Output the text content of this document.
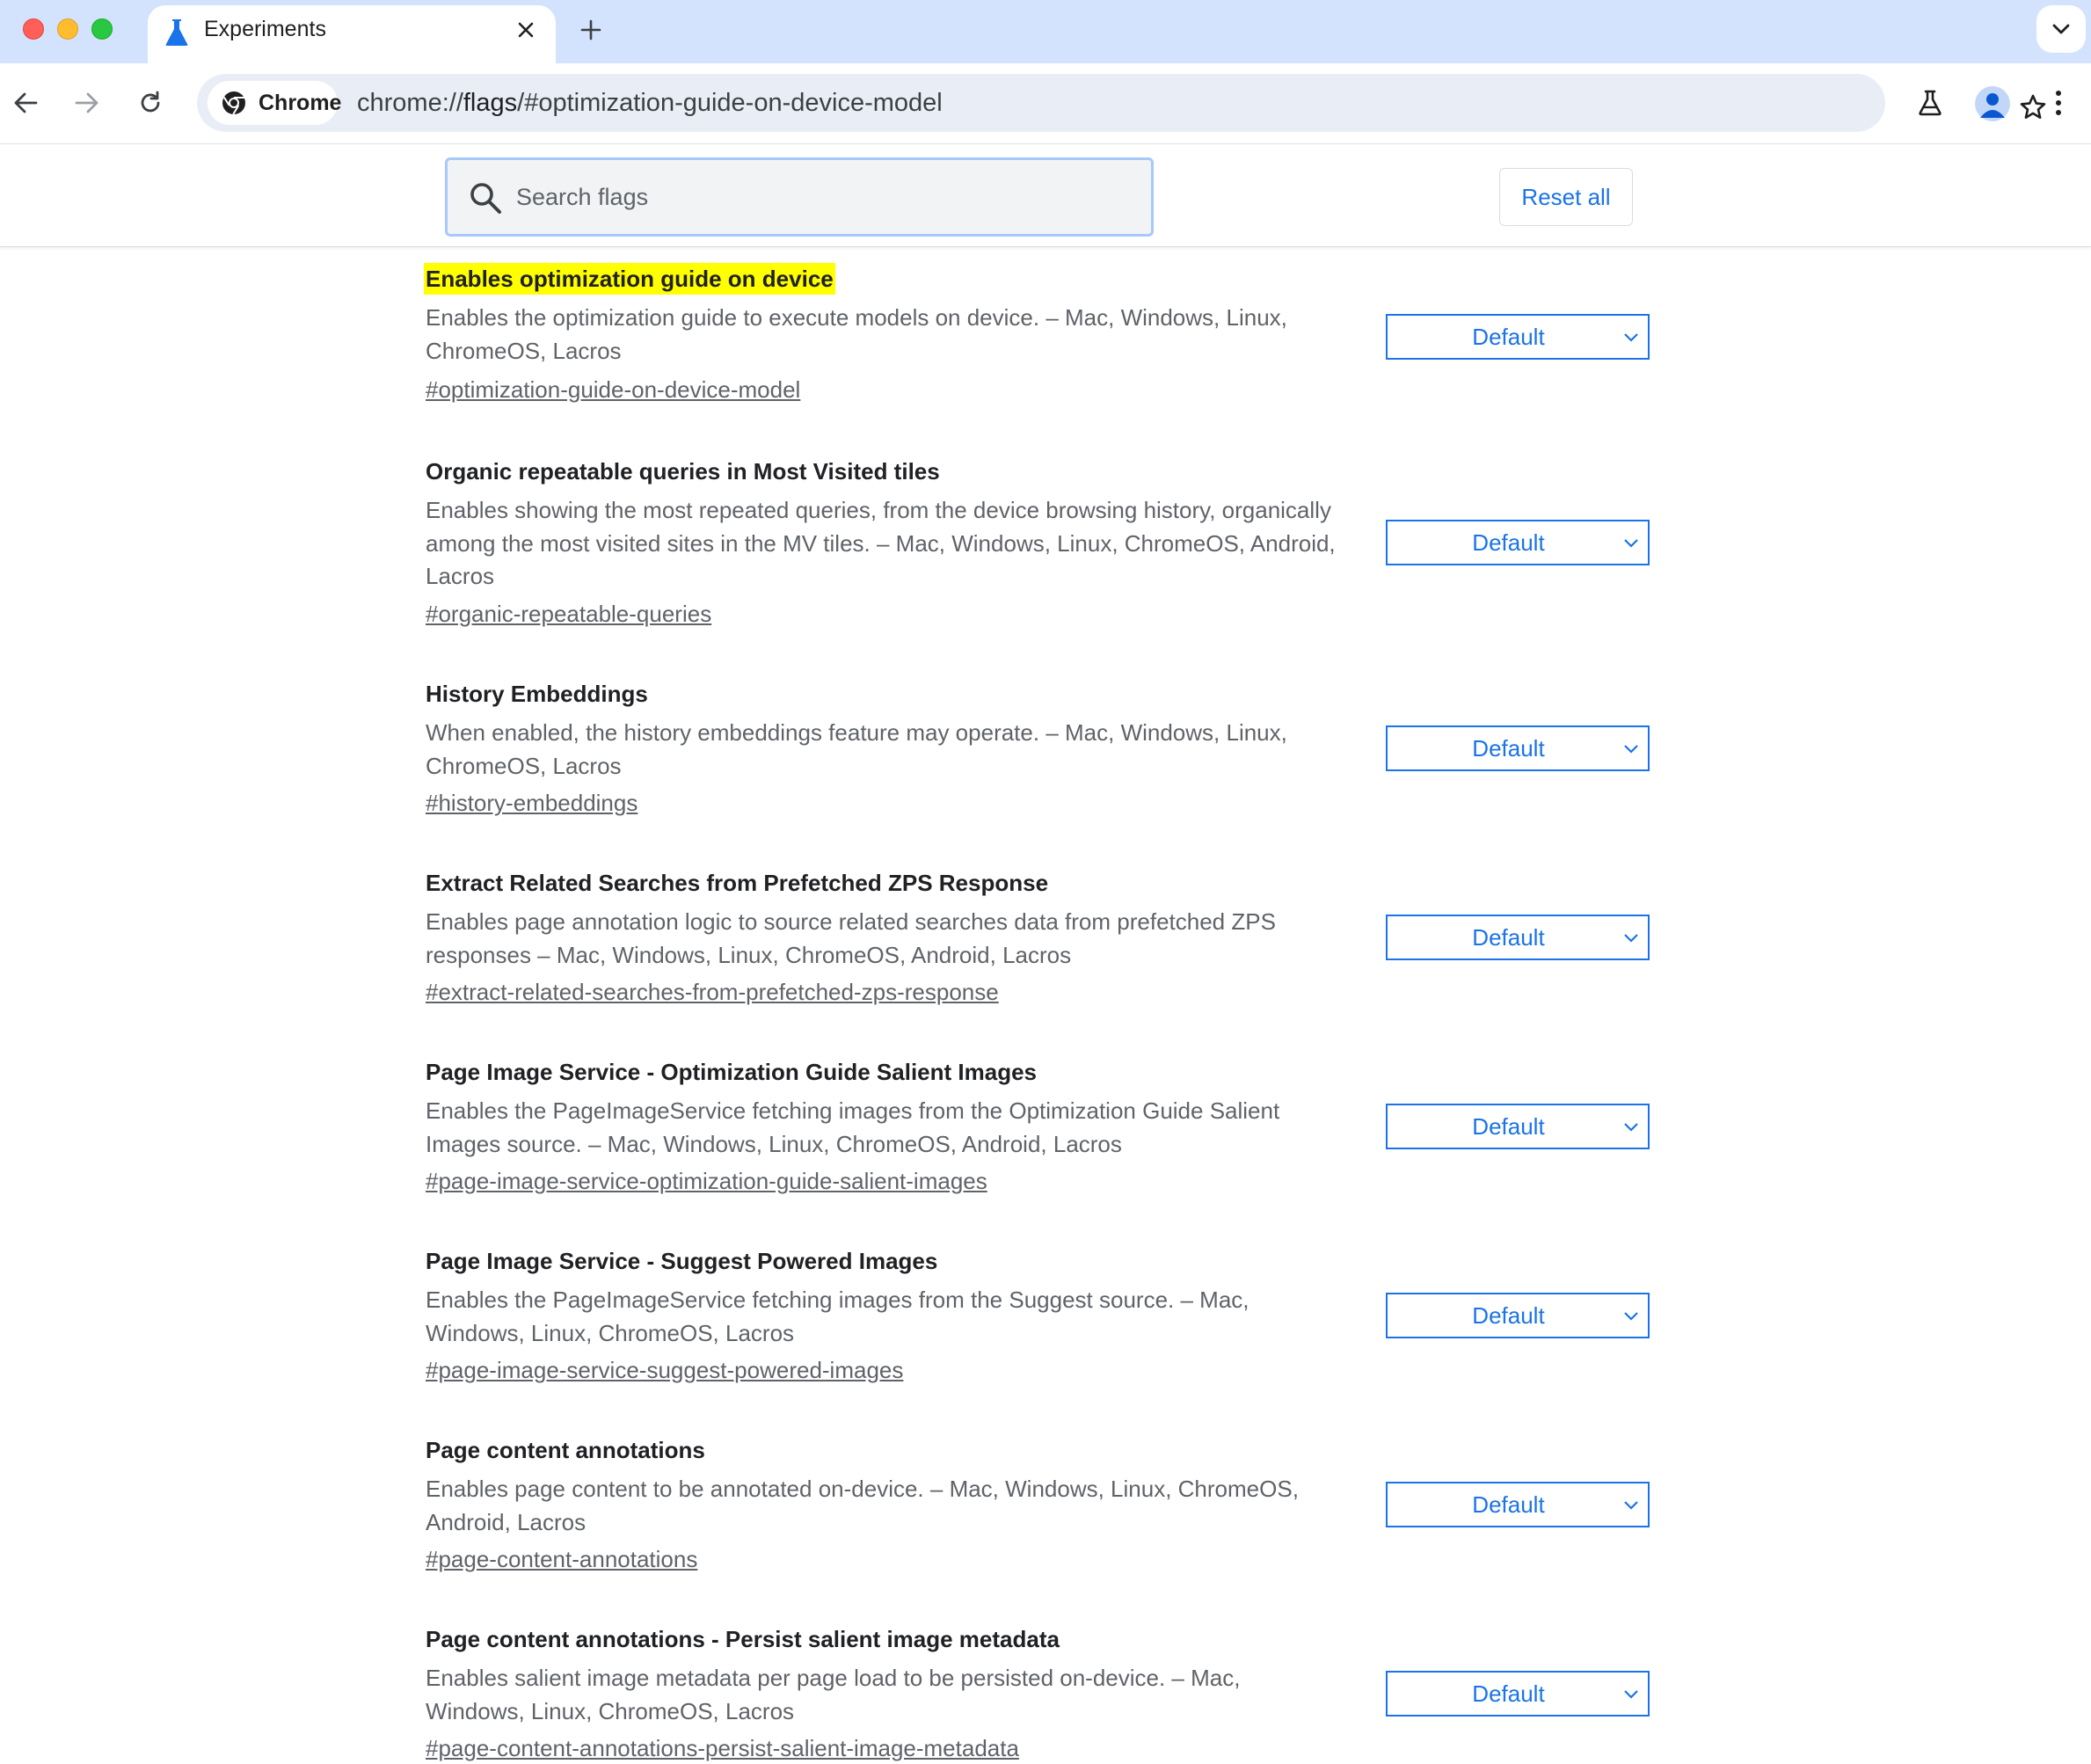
Experiments
Chrome chrome://flags/#optimization-guide-on-device-model
Search flags
Reset all
Enables optimization guide on device
Enables the optimization guide to execute models on device. – Mac, Windows, Linux, ChromeOS, Lacros
#optimization-guide-on-device-model
Default
Organic repeatable queries in Most Visited tiles
Enables showing the most repeated queries, from the device browsing history, organically among the most visited sites in the MV tiles. – Mac, Windows, Linux, ChromeOS, Android, Lacros
#organic-repeatable-queries
Default
History Embeddings
When enabled, the history embeddings feature may operate. – Mac, Windows, Linux, ChromeOS, Lacros
#history-embeddings
Default
Extract Related Searches from Prefetched ZPS Response
Enables page annotation logic to source related searches data from prefetched ZPS responses – Mac, Windows, Linux, ChromeOS, Android, Lacros
#extract-related-searches-from-prefetched-zps-response
Default
Page Image Service - Optimization Guide Salient Images
Enables the PageImageService fetching images from the Optimization Guide Salient Images source. – Mac, Windows, Linux, ChromeOS, Android, Lacros
#page-image-service-optimization-guide-salient-images
Default
Page Image Service - Suggest Powered Images
Enables the PageImageService fetching images from the Suggest source. – Mac, Windows, Linux, ChromeOS, Lacros
#page-image-service-suggest-powered-images
Default
Page content annotations
Enables page content to be annotated on-device. – Mac, Windows, Linux, ChromeOS, Android, Lacros
#page-content-annotations
Default
Page content annotations - Persist salient image metadata
Enables salient image metadata per page load to be persisted on-device. – Mac, Windows, Linux, ChromeOS, Lacros
#page-content-annotations-persist-salient-image-metadata
Default
